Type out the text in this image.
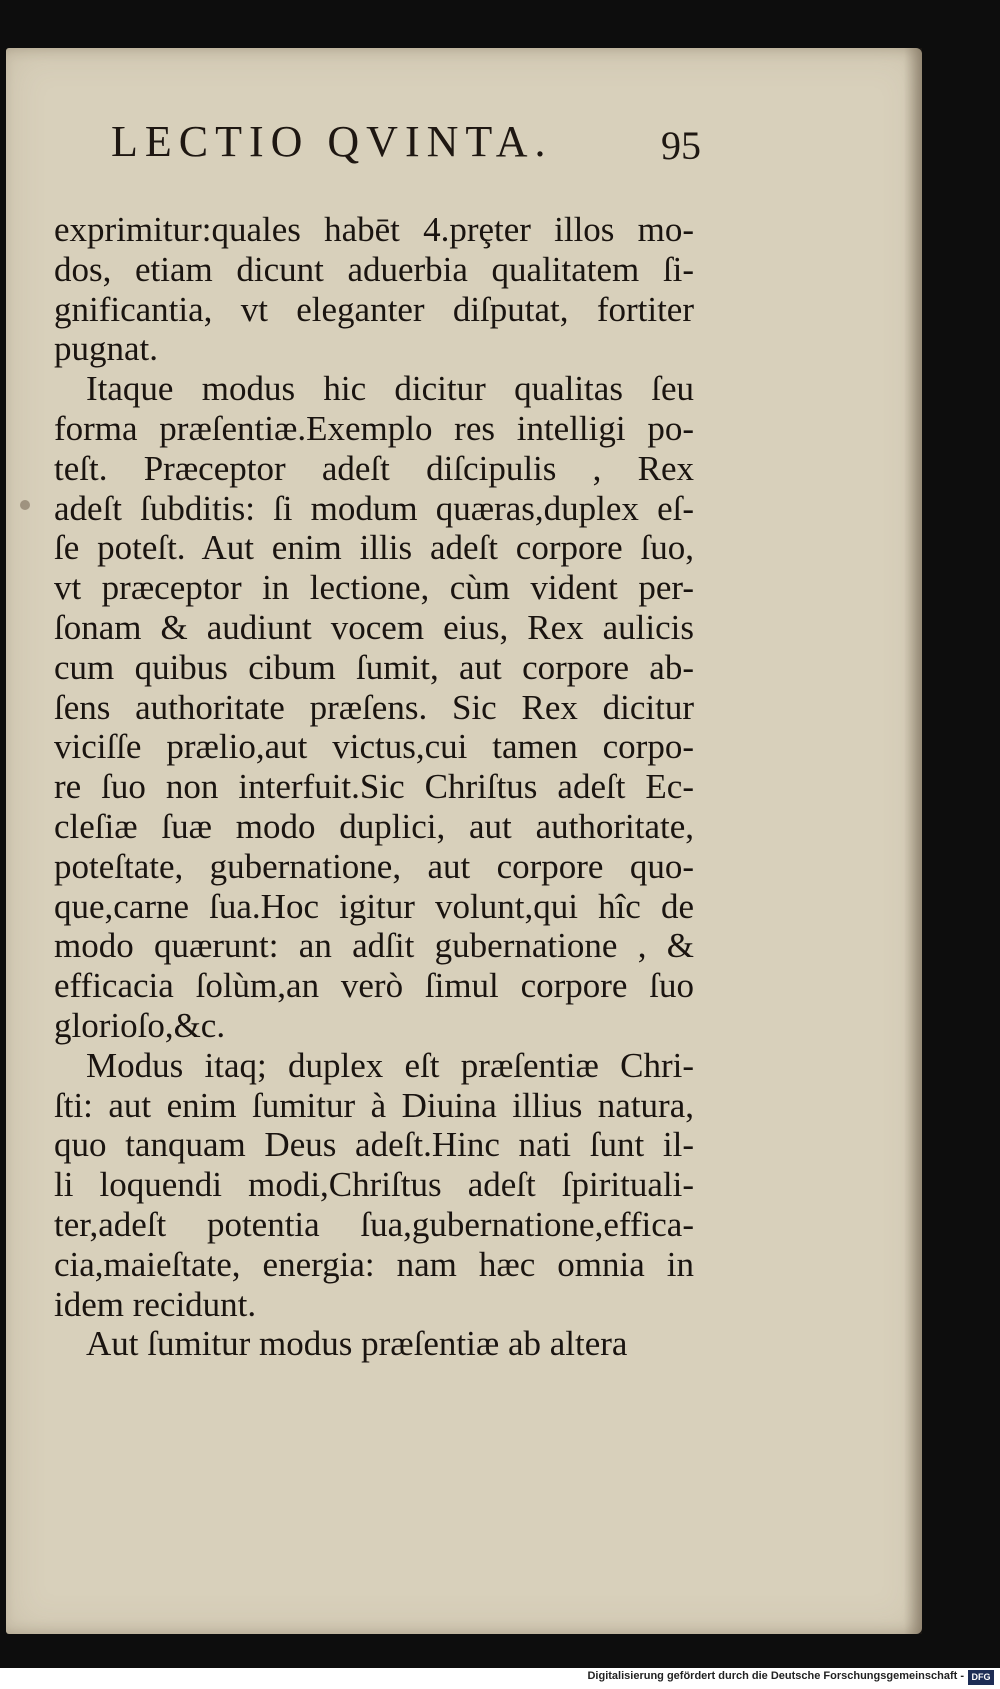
LECTIO QVINTA.	95
exprimitur:quales habēt 4.prȩter illos mo-
dos, etiam dicunt aduerbia qualitatem ſi-
gnificantia, vt eleganter diſputat, fortiter
pugnat.
Itaque modus hic dicitur qualitas ſeu
forma præſentiæ.Exemplo res intelligi po-
teſt. Præceptor adeſt diſcipulis , Rex
adeſt ſubditis: ſi modum quæras,duplex eſ-
ſe poteſt. Aut enim illis adeſt corpore ſuo,
vt præceptor in lectione, cùm vident per-
ſonam & audiunt vocem eius, Rex aulicis
cum quibus cibum ſumit, aut corpore ab-
ſens authoritate præſens. Sic Rex dicitur
viciſſe prælio,aut victus,cui tamen corpo-
re ſuo non interfuit.Sic Chriſtus adeſt Ec-
cleſiæ ſuæ modo duplici, aut authoritate,
poteſtate, gubernatione, aut corpore quo-
que,carne ſua.Hoc igitur volunt,qui hîc de
modo quærunt: an adſit gubernatione , &
efficacia ſolùm,an verò ſimul corpore ſuo
glorioſo,&c.
Modus itaq; duplex eſt præſentiæ Chri-
ſti: aut enim ſumitur à Diuina illius natura,
quo tanquam Deus adeſt.Hinc nati ſunt il-
li loquendi modi,Chriſtus adeſt ſpirituali-
ter,adeſt potentia ſua,gubernatione,effica-
cia,maieſtate, energia: nam hæc omnia in
idem recidunt.
Aut ſumitur modus præſentiæ ab altera
Digitalisierung gefördert durch die Deutsche Forschungsgemeinschaft - DFG
